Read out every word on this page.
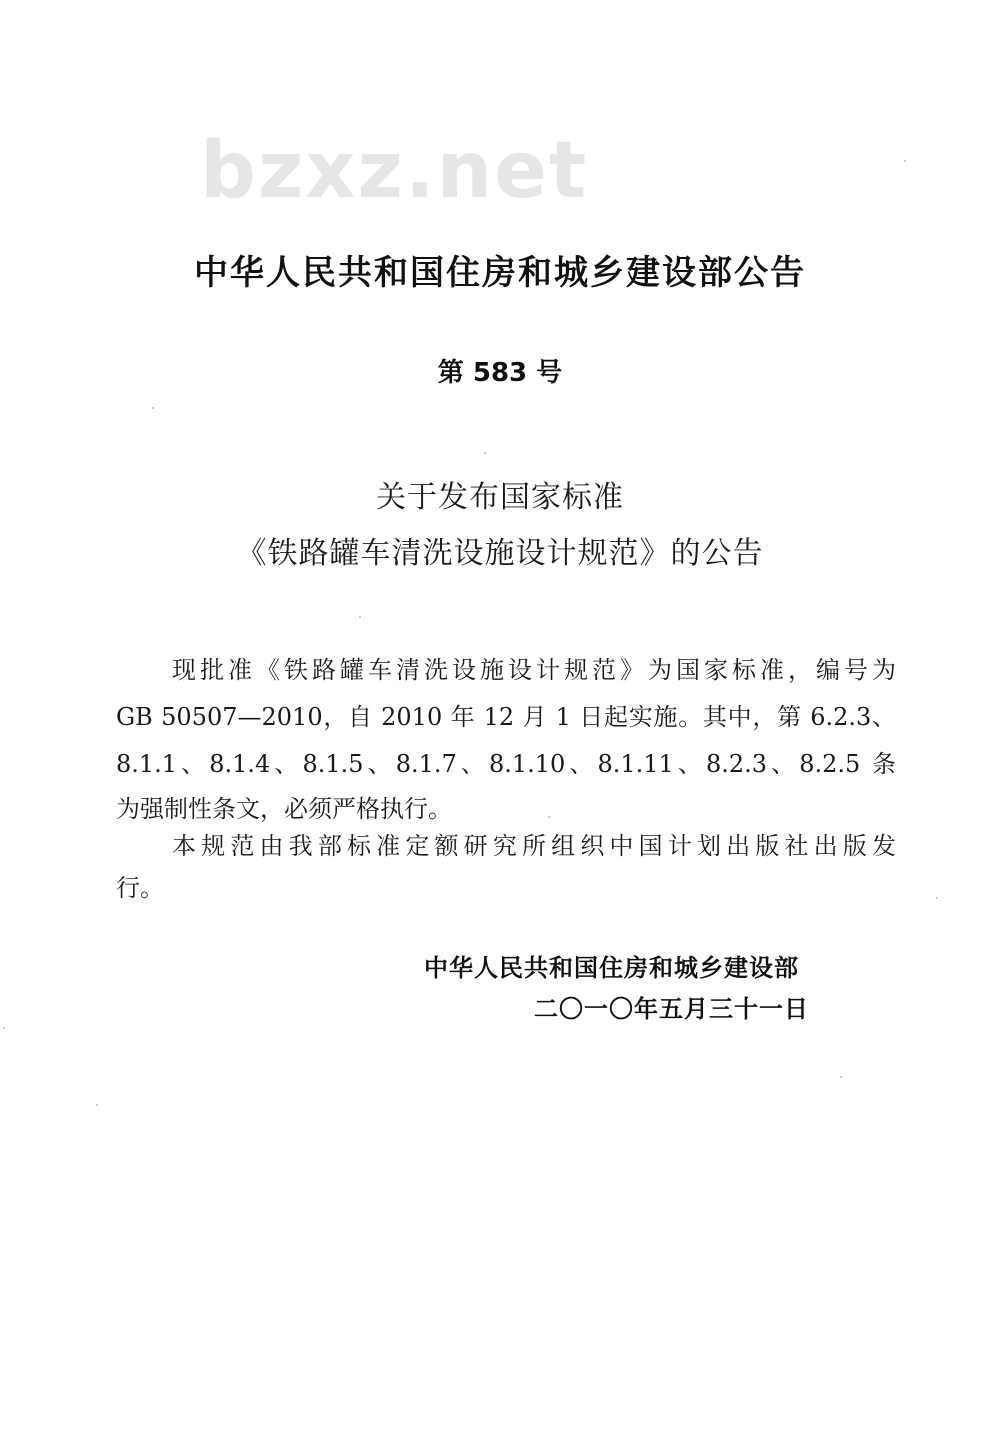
bzxz.net
中华人民共和国住房和城乡建设部公告
第 583 号
关于发布国家标准
《铁路罐车清洗设施设计规范》的公告
现批准《铁路罐车清洗设施设计规范》为国家标准，编号为
GB 50507—2010，自 2010 年 12 月 1 日起实施。其中，第 6.2.3、
8.1.1、8.1.4、8.1.5、8.1.7、8.1.10、8.1.11、8.2.3、8.2.5 条
为强制性条文，必须严格执行。
本规范由我部标准定额研究所组织中国计划出版社出版发
行。
中华人民共和国住房和城乡建设部
二〇一〇年五月三十一日
